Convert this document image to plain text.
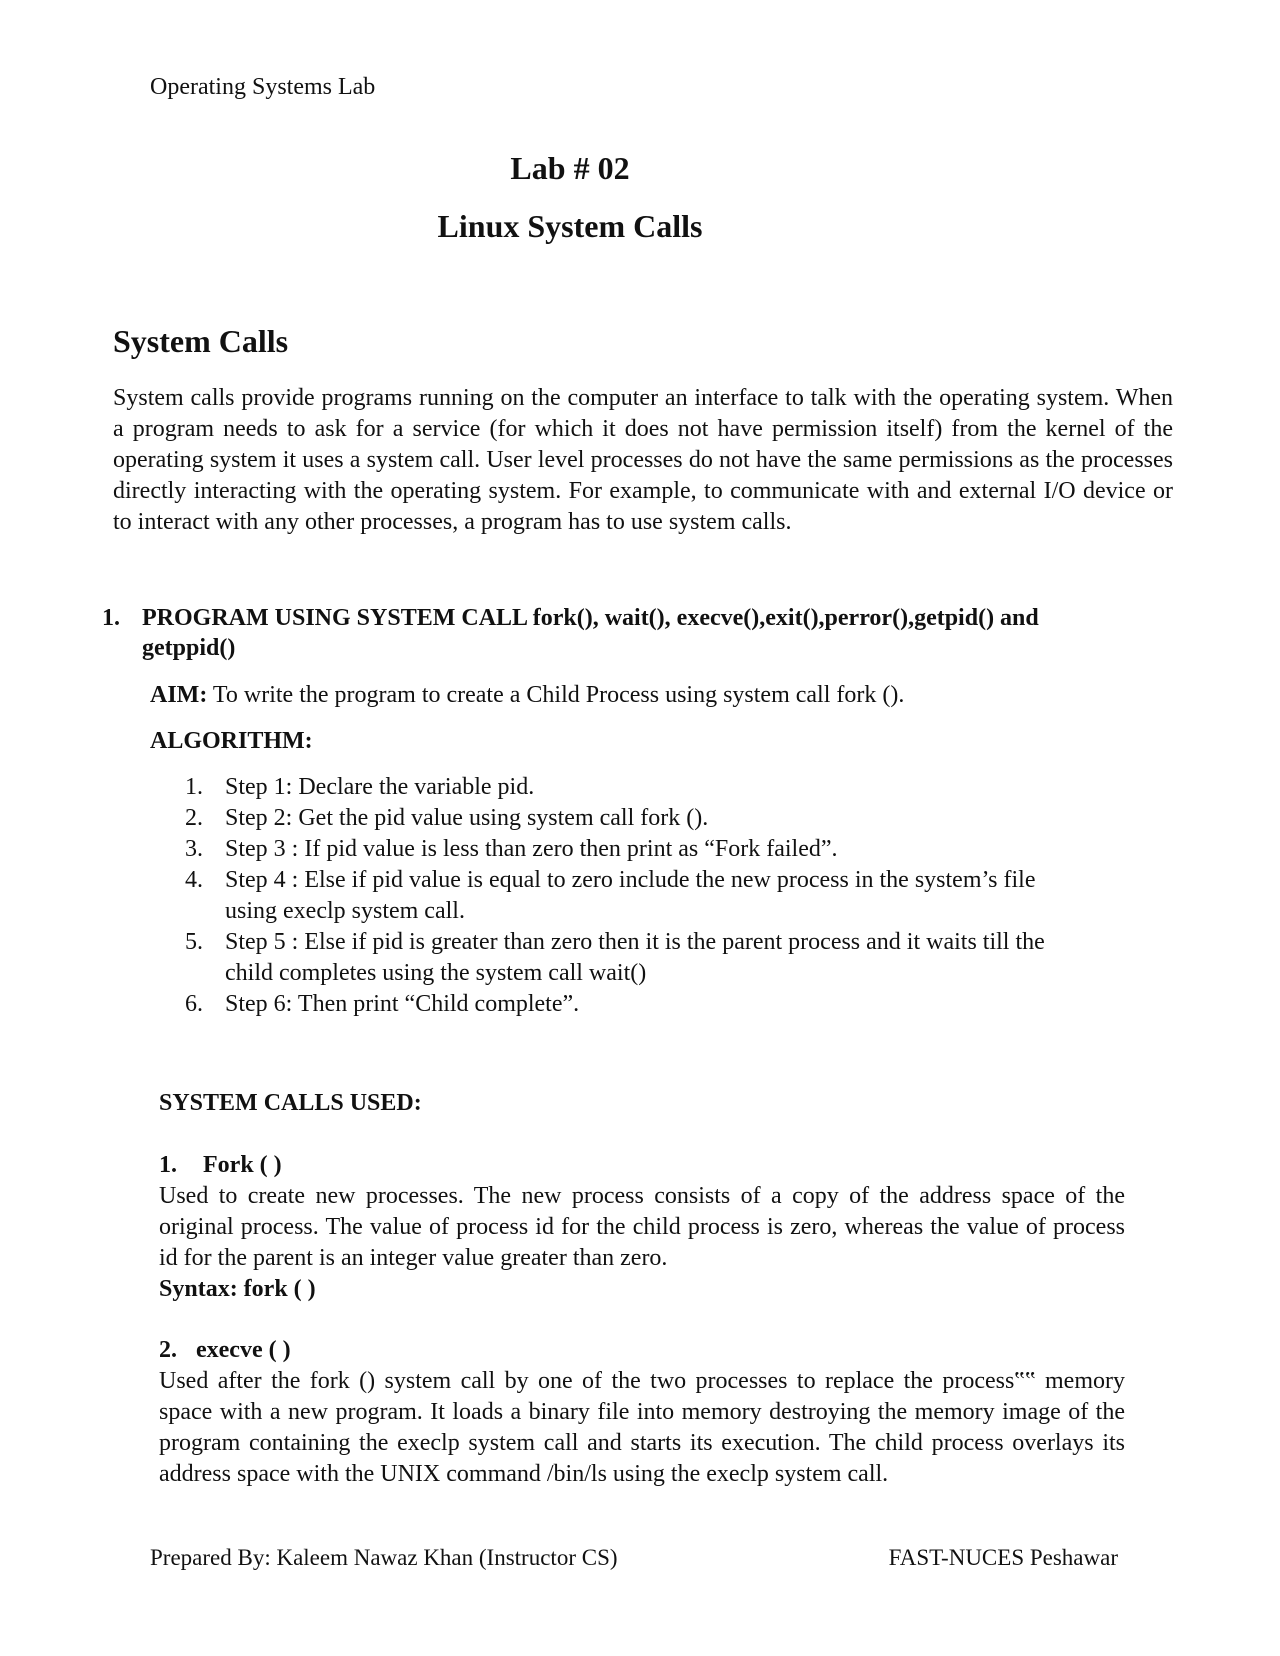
Operating Systems Lab
Lab # 02
Linux System Calls
System Calls

System calls provide programs running on the computer an interface to talk with the operating system. When a program needs to ask for a service (for which it does not have permission itself) from the kernel of the operating system it uses a system call. User level processes do not have the same permissions as the processes directly interacting with the operating system. For example, to communicate with and external I/O device or to interact with any other processes, a program has to use system calls.

1. PROGRAM USING SYSTEM CALL fork(), wait(), execve(),exit(),perror(),getpid() and getppid()
AIM: To write the program to create a Child Process using system call fork ().
ALGORITHM:
1. Step 1: Declare the variable pid.
2. Step 2: Get the pid value using system call fork ().
3. Step 3 : If pid value is less than zero then print as “Fork failed”.
4. Step 4 : Else if pid value is equal to zero include the new process in the system’s file using execlp system call.
5. Step 5 : Else if pid is greater than zero then it is the parent process and it waits till the child completes using the system call wait()
6. Step 6: Then print “Child complete”.
SYSTEM CALLS USED:
1. Fork ( )

Used to create new processes. The new process consists of a copy of the address space of the original process. The value of process id for the child process is zero, whereas the value of process id for the parent is an integer value greater than zero.

Syntax: fork ( )
2. execve ( )

Used after the fork () system call by one of the two processes to replace the process‟‟ memory space with a new program. It loads a binary file into memory destroying the memory image of the program containing the execlp system call and starts its execution. The child process overlays its address space with the UNIX command /bin/ls using the execlp system call.

Prepared By: Kaleem Nawaz Khan (Instructor CS)	FAST-NUCES Peshawar
